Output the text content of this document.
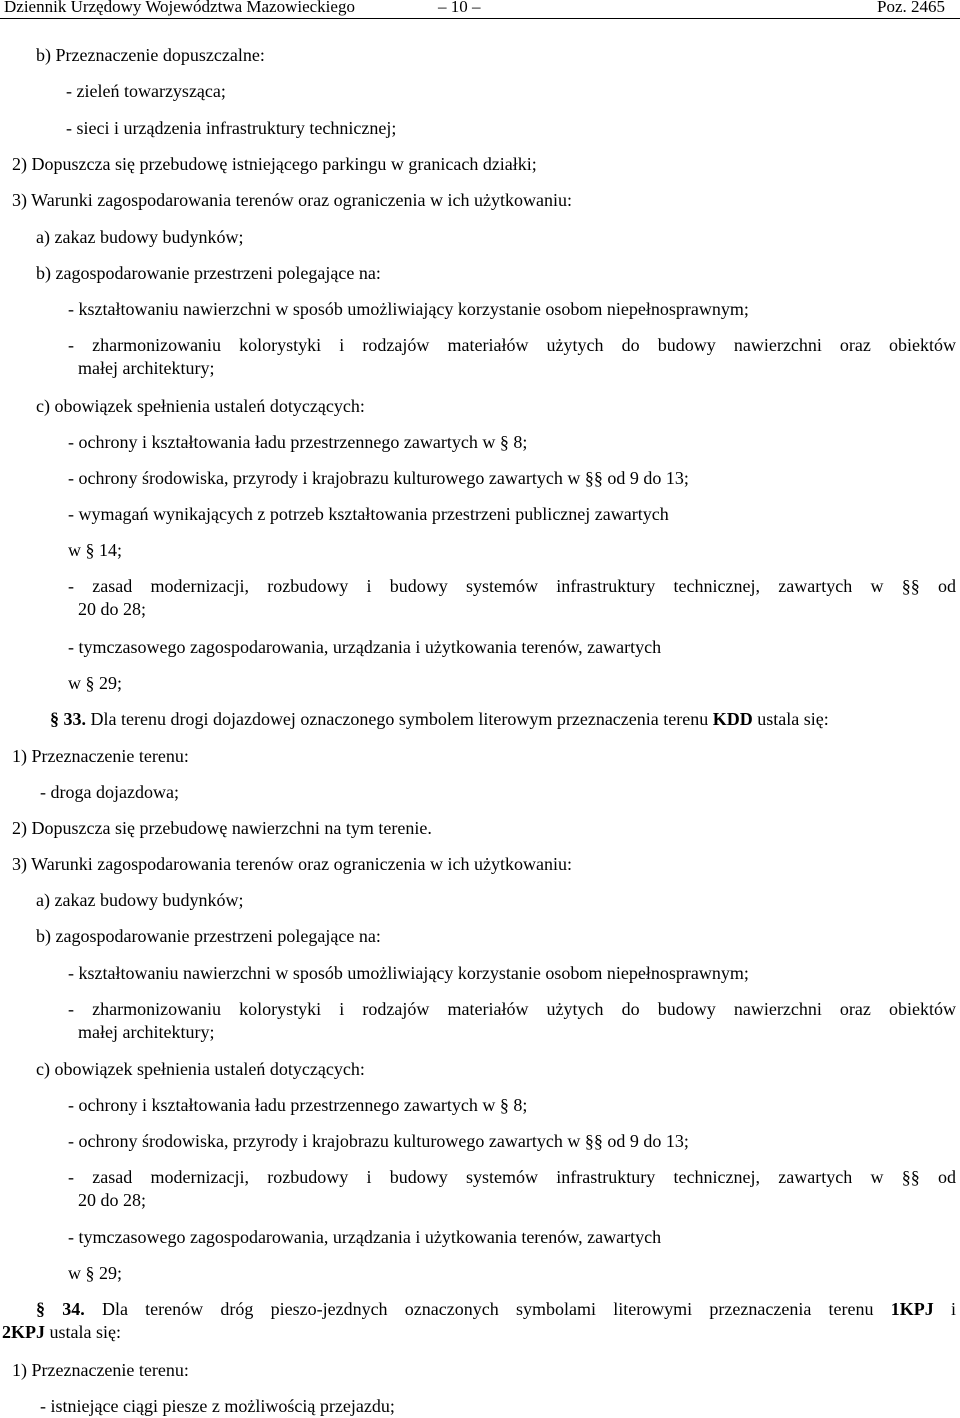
Dziennik Urzędowy Województwa Mazowieckiego	– 10 –	Poz. 2465
b) Przeznaczenie dopuszczalne:
- zieleń towarzysząca;
- sieci i urządzenia infrastruktury technicznej;
2) Dopuszcza się przebudowę istniejącego parkingu w granicach działki;
3) Warunki zagospodarowania terenów oraz ograniczenia w ich użytkowaniu:
a) zakaz budowy budynków;
b) zagospodarowanie przestrzeni polegające na:
- kształtowaniu nawierzchni w sposób umożliwiający korzystanie osobom niepełnosprawnym;
- zharmonizowaniu kolorystyki i rodzajów materiałów użytych do budowy nawierzchni oraz obiektów
małej architektury;
c) obowiązek spełnienia ustaleń dotyczących:
- ochrony i kształtowania ładu przestrzennego zawartych w § 8;
- ochrony środowiska, przyrody i krajobrazu kulturowego zawartych w §§ od 9 do 13;
- wymagań wynikających z potrzeb kształtowania przestrzeni publicznej zawartych
w § 14;
- zasad modernizacji, rozbudowy i budowy systemów infrastruktury technicznej, zawartych w §§ od
20 do 28;
- tymczasowego zagospodarowania, urządzania i użytkowania terenów, zawartych
w § 29;
§ 33. Dla terenu drogi dojazdowej oznaczonego symbolem literowym przeznaczenia terenu KDD ustala się:
1) Przeznaczenie terenu:
- droga dojazdowa;
2) Dopuszcza się przebudowę nawierzchni na tym terenie.
3) Warunki zagospodarowania terenów oraz ograniczenia w ich użytkowaniu:
a) zakaz budowy budynków;
b) zagospodarowanie przestrzeni polegające na:
- kształtowaniu nawierzchni w sposób umożliwiający korzystanie osobom niepełnosprawnym;
- zharmonizowaniu kolorystyki i rodzajów materiałów użytych do budowy nawierzchni oraz obiektów
małej architektury;
c) obowiązek spełnienia ustaleń dotyczących:
- ochrony i kształtowania ładu przestrzennego zawartych w § 8;
- ochrony środowiska, przyrody i krajobrazu kulturowego zawartych w §§ od 9 do 13;
- zasad modernizacji, rozbudowy i budowy systemów infrastruktury technicznej, zawartych w §§ od
20 do 28;
- tymczasowego zagospodarowania, urządzania i użytkowania terenów, zawartych
w § 29;
§ 34. Dla terenów dróg pieszo-jezdnych oznaczonych symbolami literowymi przeznaczenia terenu 1KPJ i
2KPJ ustala się:
1) Przeznaczenie terenu:
- istniejące ciągi piesze z możliwością przejazdu;
